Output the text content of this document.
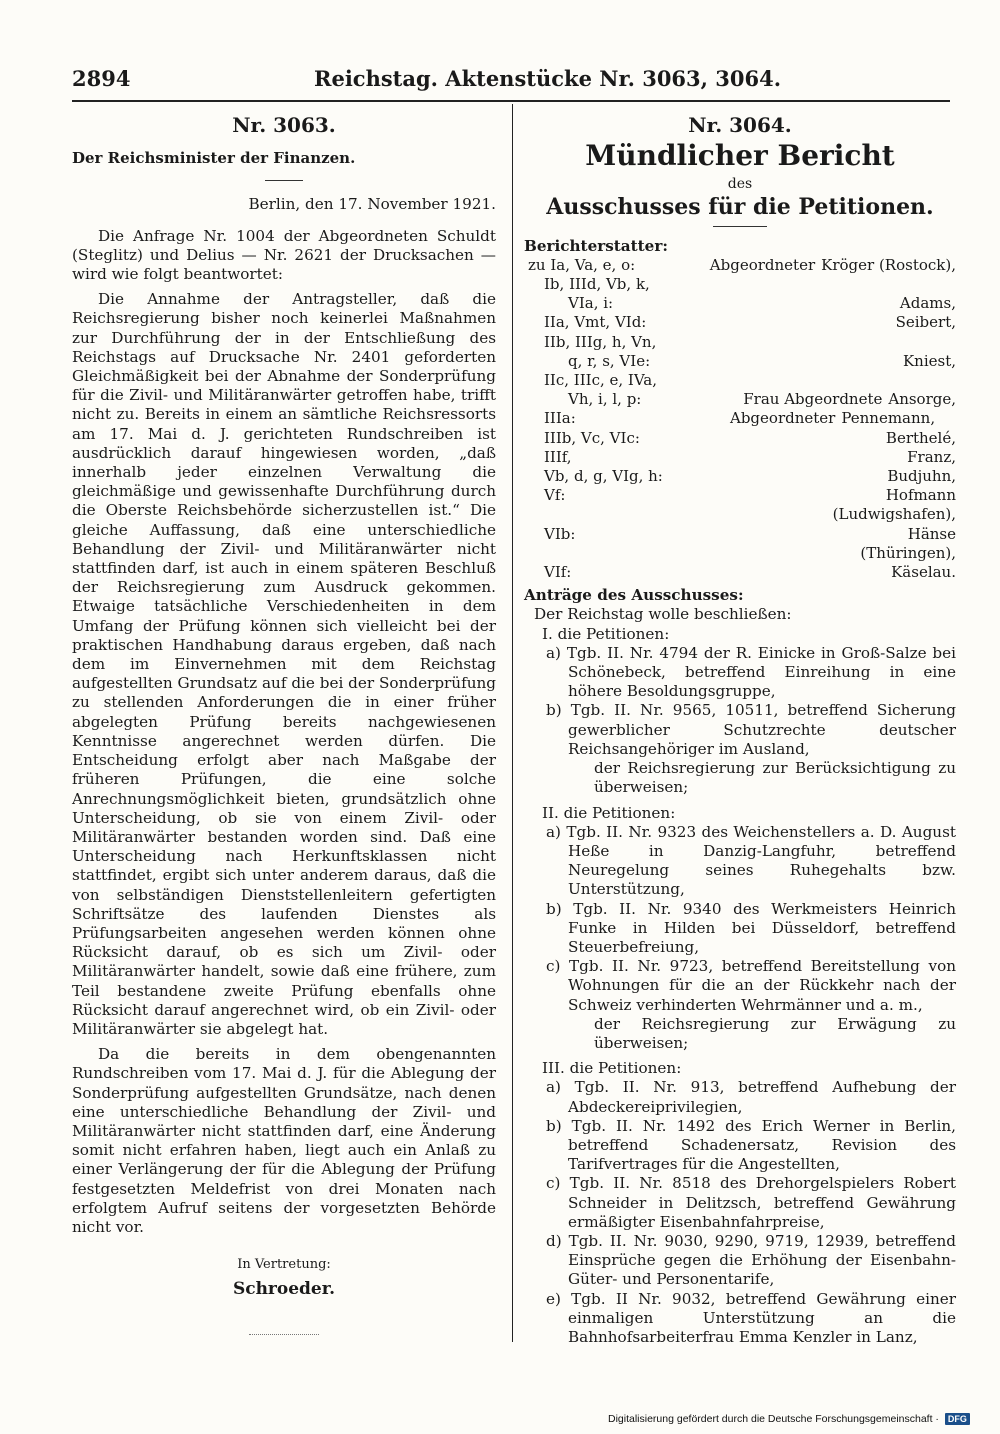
2894	Reichstag. Aktenstücke Nr. 3063, 3064.
Nr. 3063.

Der Reichsminister der Finanzen.

Berlin, den 17. November 1921.

Die Anfrage Nr. 1004 der Abgeordneten Schuldt (Steglitz) und Delius — Nr. 2621 der Drucksachen — wird wie folgt beantwortet:

Die Annahme der Antragsteller, daß die Reichsregierung bisher noch keinerlei Maßnahmen zur Durchführung der in der Entschließung des Reichstags auf Drucksache Nr. 2401 geforderten Gleichmäßigkeit bei der Abnahme der Sonderprüfung für die Zivil- und Militäranwärter getroffen habe, trifft nicht zu. Bereits in einem an sämtliche Reichsressorts am 17. Mai d. J. gerichteten Rundschreiben ist ausdrücklich darauf hingewiesen worden, „daß innerhalb jeder einzelnen Verwaltung die gleichmäßige und gewissenhafte Durchführung durch die Oberste Reichsbehörde sicherzustellen ist.“ Die gleiche Auffassung, daß eine unterschiedliche Behandlung der Zivil- und Militäranwärter nicht stattfinden darf, ist auch in einem späteren Beschluß der Reichsregierung zum Ausdruck gekommen. Etwaige tatsächliche Verschiedenheiten in dem Umfang der Prüfung können sich vielleicht bei der praktischen Handhabung daraus ergeben, daß nach dem im Einvernehmen mit dem Reichstag aufgestellten Grundsatz auf die bei der Sonderprüfung zu stellenden Anforderungen die in einer früher abgelegten Prüfung bereits nachgewiesenen Kenntnisse angerechnet werden dürfen. Die Entscheidung erfolgt aber nach Maßgabe der früheren Prüfungen, die eine solche Anrechnungsmöglichkeit bieten, grundsätzlich ohne Unterscheidung, ob sie von einem Zivil- oder Militäranwärter bestanden worden sind. Daß eine Unterscheidung nach Herkunftsklassen nicht stattfindet, ergibt sich unter anderem daraus, daß die von selbständigen Dienststellenleitern gefertigten Schriftsätze des laufenden Dienstes als Prüfungsarbeiten angesehen werden können ohne Rücksicht darauf, ob es sich um Zivil- oder Militäranwärter handelt, sowie daß eine frühere, zum Teil bestandene zweite Prüfung ebenfalls ohne Rücksicht darauf angerechnet wird, ob ein Zivil- oder Militäranwärter sie abgelegt hat.

Da die bereits in dem obengenannten Rundschreiben vom 17. Mai d. J. für die Ablegung der Sonderprüfung aufgestellten Grundsätze, nach denen eine unterschiedliche Behandlung der Zivil- und Militäranwärter nicht stattfinden darf, eine Änderung somit nicht erfahren haben, liegt auch ein Anlaß zu einer Verlängerung der für die Ablegung der Prüfung festgesetzten Meldefrist von drei Monaten nach erfolgtem Aufruf seitens der vorgesetzten Behörde nicht vor.

In Vertretung:

Schroeder.

Nr. 3064.
Mündlicher Bericht

des

Ausschusses für die Petitionen.

Berichterstatter:

zu Ia, Va, e, o:	Abgeordneter Kröger (Rostock),
Ib, IIId, Vb, k,
VIa, i:	Adams,
IIa, Vmt, VId:	Seibert,
IIb, IIIg, h, Vn,
q, r, s, VIe:	Kniest,
IIc, IIIc, e, IVa,
Vh, i, l, p:	Frau Abgeordnete Ansorge,
IIIa:	Abgeordneter Pennemann,
IIIb, Vc, VIc:	Berthelé,
IIIf,	Franz,
Vb, d, g, VIg, h:	Budjuhn,
Vf:	Hofmann
(Ludwigshafen),
VIb:	Hänse
(Thüringen),
VIf:	Käselau.

Anträge des Ausschusses:

Der Reichstag wolle beschließen:

I. die Petitionen:

a) Tgb. II. Nr. 4794 der R. Einicke in Groß-Salze bei Schönebeck, betreffend Einreihung in eine höhere Besoldungsgruppe,

b) Tgb. II. Nr. 9565, 10511, betreffend Sicherung gewerblicher Schutzrechte deutscher Reichsangehöriger im Ausland,

der Reichsregierung zur Berücksichtigung zu überweisen;

II. die Petitionen:

a) Tgb. II. Nr. 9323 des Weichenstellers a. D. August Heße in Danzig-Langfuhr, betreffend Neuregelung seines Ruhegehalts bzw. Unterstützung,

b) Tgb. II. Nr. 9340 des Werkmeisters Heinrich Funke in Hilden bei Düsseldorf, betreffend Steuerbefreiung,

c) Tgb. II. Nr. 9723, betreffend Bereitstellung von Wohnungen für die an der Rückkehr nach der Schweiz verhinderten Wehrmänner und a. m.,

der Reichsregierung zur Erwägung zu überweisen;

III. die Petitionen:

a) Tgb. II. Nr. 913, betreffend Aufhebung der Abdeckereiprivilegien,

b) Tgb. II. Nr. 1492 des Erich Werner in Berlin, betreffend Schadenersatz, Revision des Tarifvertrages für die Angestellten,

c) Tgb. II. Nr. 8518 des Drehorgelspielers Robert Schneider in Delitzsch, betreffend Gewährung ermäßigter Eisenbahnfahrpreise,

d) Tgb. II. Nr. 9030, 9290, 9719, 12939, betreffend Einsprüche gegen die Erhöhung der Eisenbahn-Güter- und Personentarife,

e) Tgb. II Nr. 9032, betreffend Gewährung einer einmaligen Unterstützung an die Bahnhofsarbeiterfrau Emma Kenzler in Lanz,

Digitalisierung gefördert durch die Deutsche Forschungsgemeinschaft · DFG
